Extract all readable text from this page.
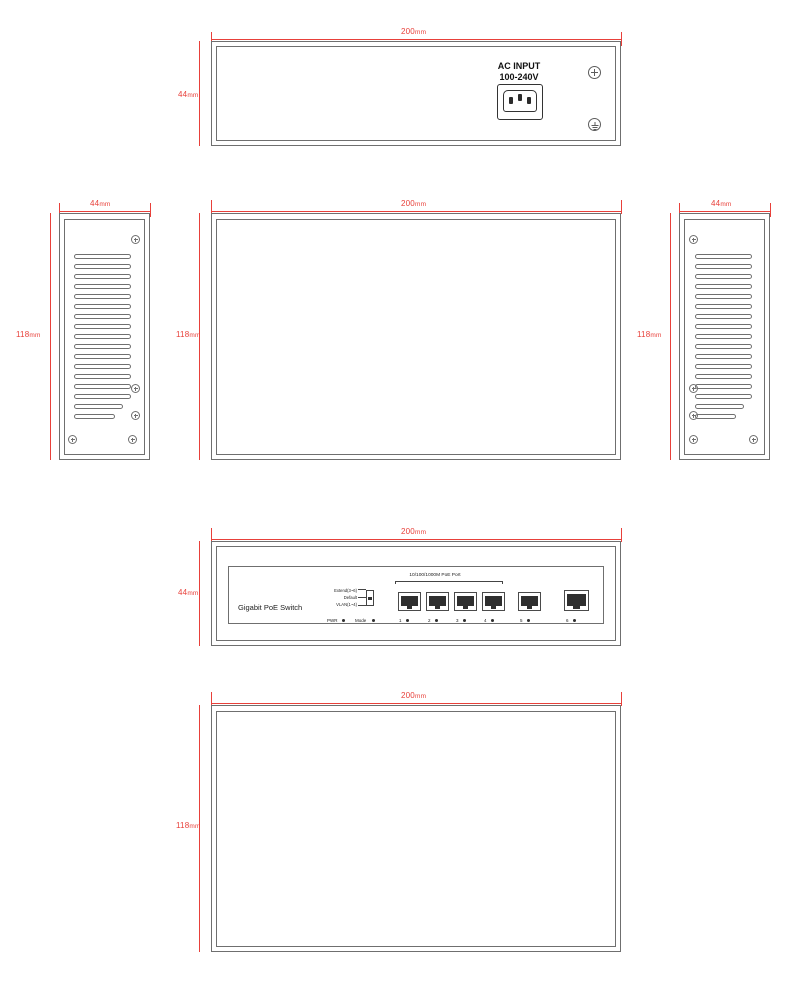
200mm
44mm
AC INPUT
100-240V
44mm
118mm
200mm
118mm
44mm
118mm
200mm
44mm
Gigabit PoE Switch
10/100/1000M PoE Port
Extend(3~6)
Default
VLAN(1~4)
1	2	3	4	5	6
PWR	Mode
200mm
118mm
